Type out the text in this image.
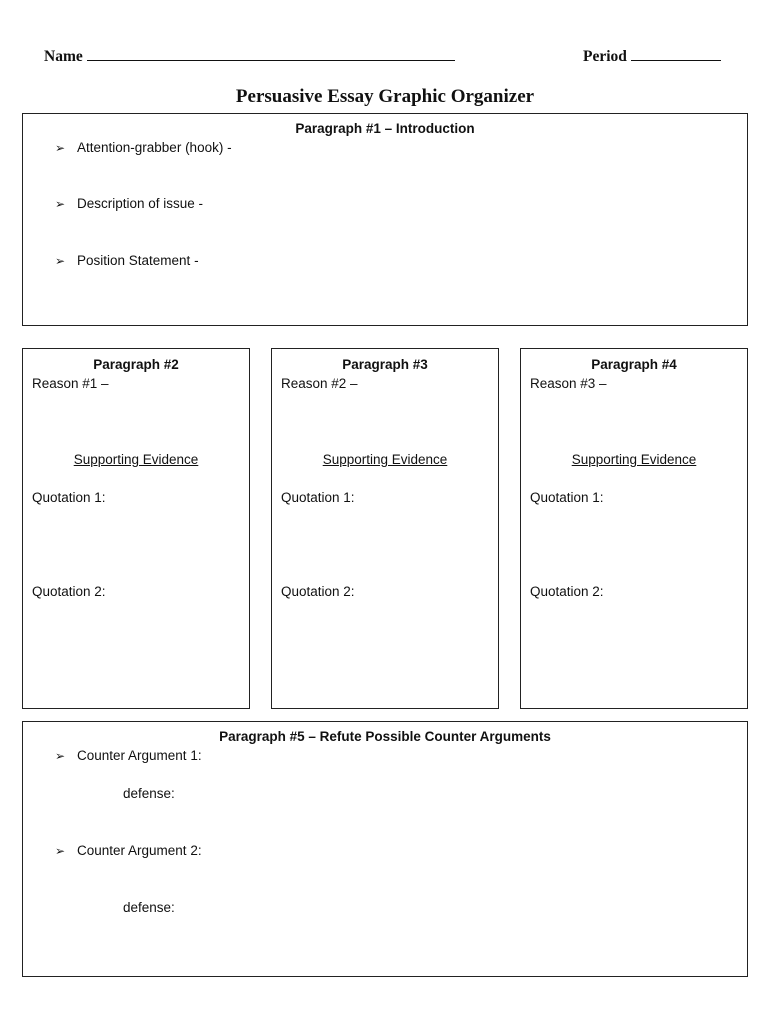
Name	Period
Persuasive Essay Graphic Organizer
Paragraph #1 – Introduction
➢ Attention-grabber (hook) -
➢ Description of issue -
➢ Position Statement -
Paragraph #2
Reason #1 –
Supporting Evidence
Quotation 1:
Quotation 2:
Paragraph #3
Reason #2 –
Supporting Evidence
Quotation 1:
Quotation 2:
Paragraph #4
Reason #3 –
Supporting Evidence
Quotation 1:
Quotation 2:
Paragraph #5 – Refute Possible Counter Arguments
➢ Counter Argument 1:
defense:
➢ Counter Argument 2:
defense:
